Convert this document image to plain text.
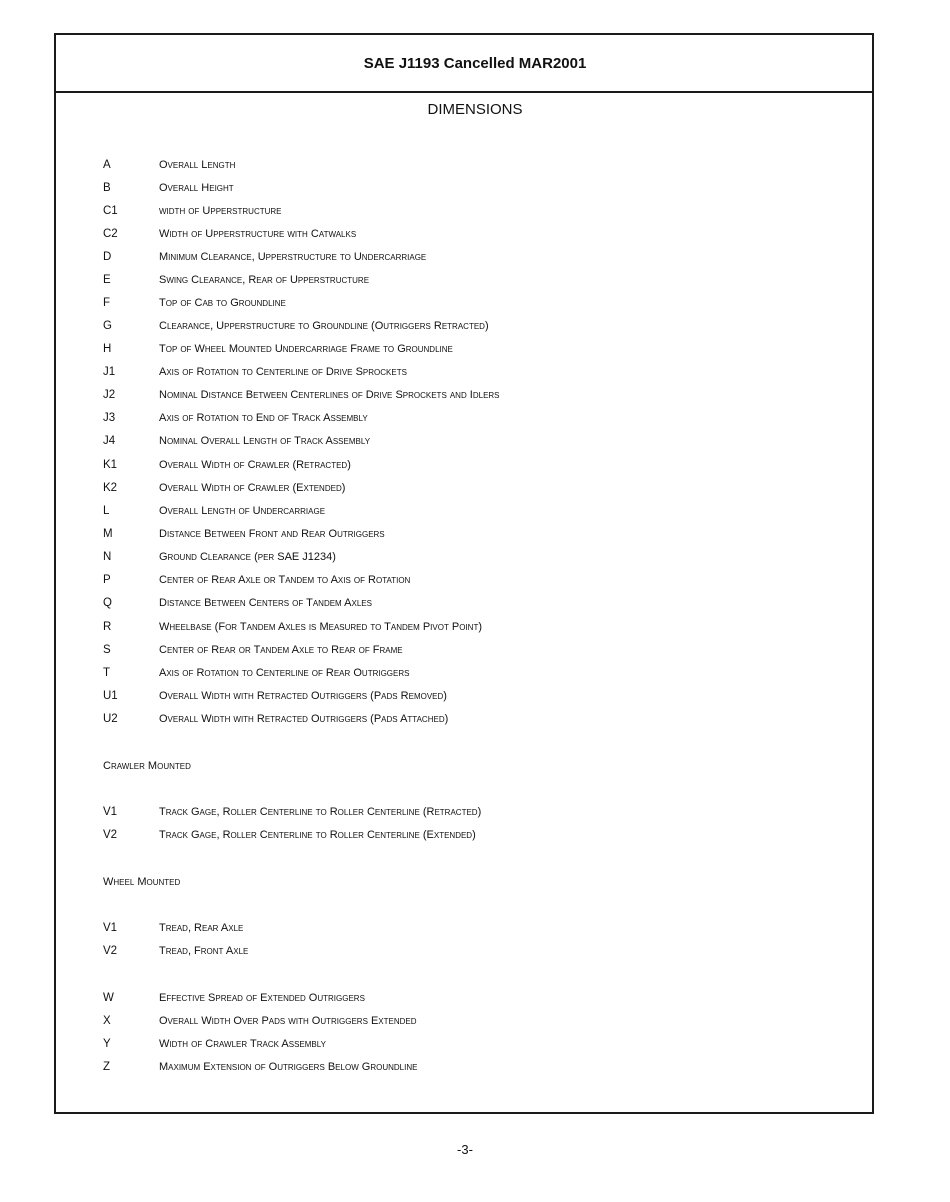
SAE J1193 Cancelled MAR2001
DIMENSIONS
A	Overall Length
B	Overall Height
C1	width of Upperstructure
C2	Width of Upperstructure with Catwalks
D	Minimum Clearance, Upperstructure to Undercarriage
E	Swing Clearance, Rear of Upperstructure
F	Top of Cab to Groundline
G	Clearance, Upperstructure to Groundline (Outriggers Retracted)
H	Top of Wheel Mounted Undercarriage Frame to Groundline
J1	Axis of Rotation to Centerline of Drive Sprockets
J2	Nominal Distance Between Centerlines of Drive Sprockets and Idlers
J3	Axis of Rotation to End of Track Assembly
J4	Nominal Overall Length of Track Assembly
K1	Overall Width of Crawler (Retracted)
K2	Overall Width of Crawler (Extended)
L	Overall Length of Undercarriage
M	Distance Between Front and Rear Outriggers
N	Ground Clearance (per SAE J1234)
P	Center of Rear Axle or Tandem to Axis of Rotation
Q	Distance Between Centers of Tandem Axles
R	Wheelbase (For Tandem Axles is Measured to Tandem Pivot Point)
S	Center of Rear or Tandem Axle to Rear of Frame
T	Axis of Rotation to Centerline of Rear Outriggers
U1	Overall Width with Retracted Outriggers (Pads Removed)
U2	Overall Width with Retracted Outriggers (Pads Attached)
Crawler Mounted
V1	Track Gage, Roller Centerline to Roller Centerline (Retracted)
V2	Track Gage, Roller Centerline to Roller Centerline (Extended)
Wheel Mounted
V1	Tread, Rear Axle
V2	Tread, Front Axle
W	Effective Spread of Extended Outriggers
X	Overall Width Over Pads with Outriggers Extended
Y	Width of Crawler Track Assembly
Z	Maximum Extension of Outriggers Below Groundline
-3-
